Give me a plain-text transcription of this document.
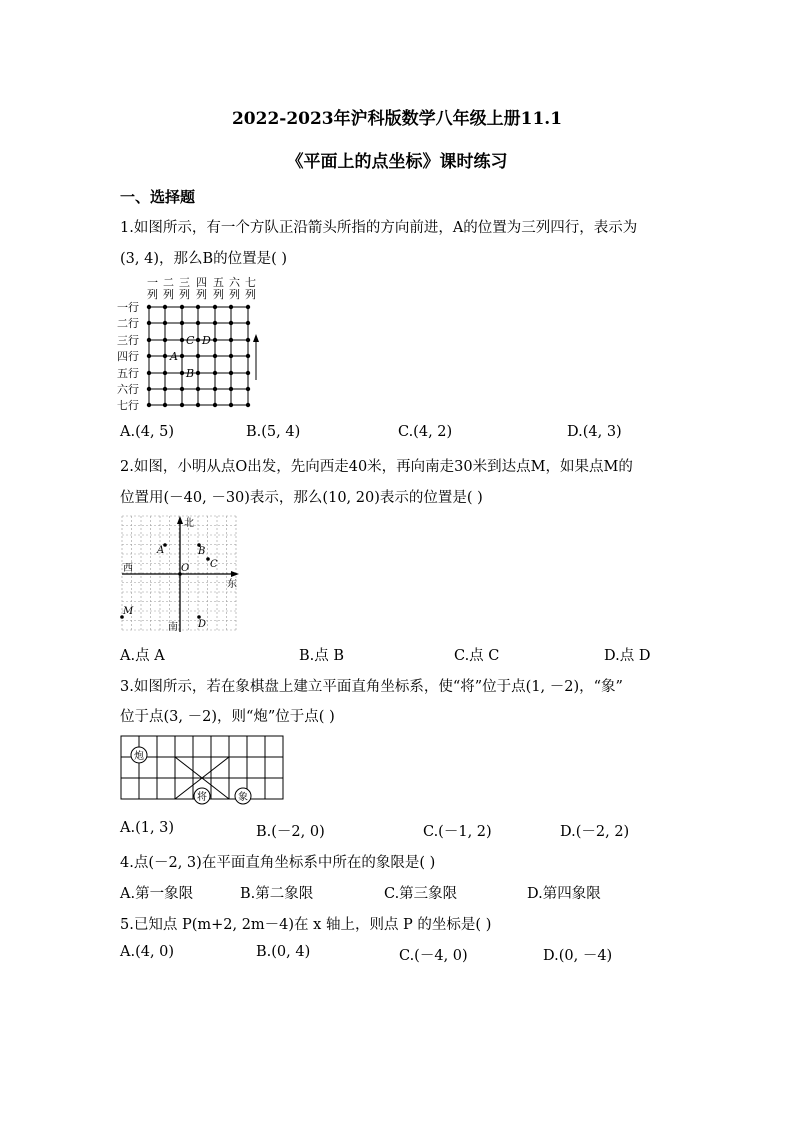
2022-2023年沪科版数学八年级上册11.1
《平面上的点坐标》课时练习
一、选择题
1.如图所示，有一个方队正沿箭头所指的方向前进，A的位置为三列四行，表示为
(3, 4)，那么B的位置是( )
一
列
二
列
三
列
四
列
五
列
六
列
七
列
一行
二行
三行
四行
五行
六行
七行
C D
A
B
A.(4, 5)	B.(5, 4)	C.(4, 2)	D.(4, 3)
2.如图，小明从点O出发，先向西走40米，再向南走30米到达点M，如果点M的
位置用(－40, －30)表示，那么(10, 20)表示的位置是( )
北
南
西
东
O
A	B
C
D
M
A.点 A	B.点 B	C.点 C	D.点 D
3.如图所示，若在象棋盘上建立平面直角坐标系，使“将”位于点(1, －2)，“象”
位于点(3, －2)，则“炮”位于点( )
炮
将	象
A.(1, 3)	B.(－2, 0)	C.(－1, 2)	D.(－2, 2)
4.点(－2, 3)在平面直角坐标系中所在的象限是( )
A.第一象限	B.第二象限	C.第三象限	D.第四象限
5.已知点 P(m+2, 2m－4)在 x 轴上，则点 P 的坐标是( )
A.(4, 0)	B.(0, 4)	C.(－4, 0)	D.(0, －4)
